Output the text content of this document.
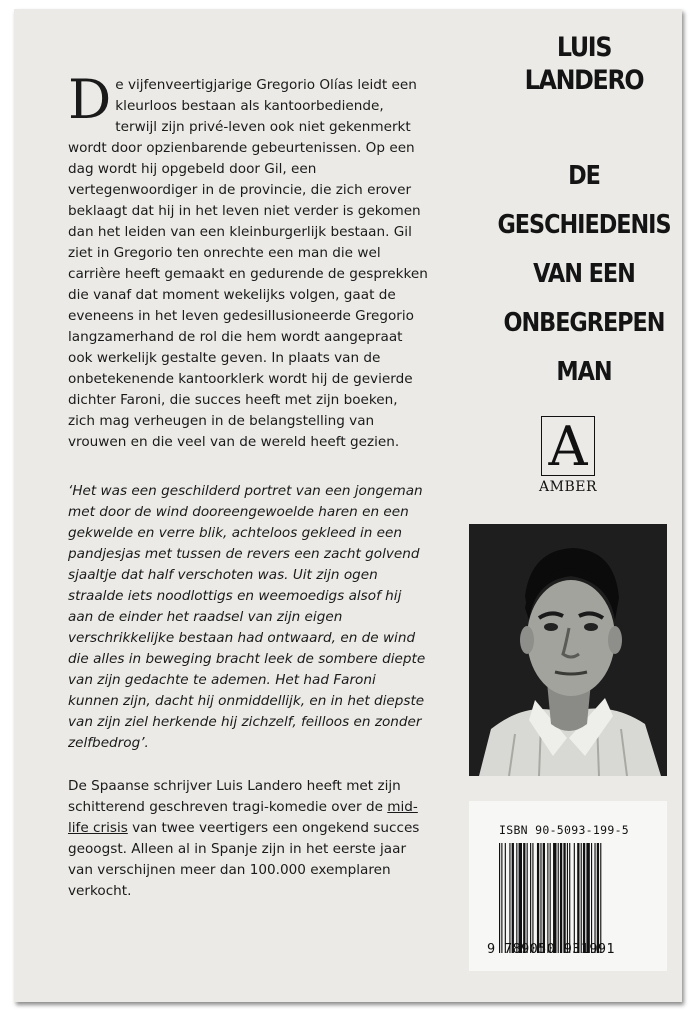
De vijfenveertigjarige Gregorio Olías leidt een kleurloos bestaan als kantoorbediende, terwijl zijn privé-leven ook niet gekenmerkt wordt door opzienbarende gebeurtenissen. Op een dag wordt hij opgebeld door Gil, een vertegenwoordiger in de provincie, die zich erover beklaagt dat hij in het leven niet verder is gekomen dan het leiden van een kleinburgerlijk bestaan. Gil ziet in Gregorio ten onrechte een man die wel carrière heeft gemaakt en gedurende de gesprekken die vanaf dat moment wekelijks volgen, gaat de eveneens in het leven gedesillusioneerde Gregorio langzamerhand de rol die hem wordt aangepraat ook werkelijk gestalte geven. In plaats van de onbetekenende kantoorklerk wordt hij de gevierde dichter Faroni, die succes heeft met zijn boeken, zich mag verheugen in de belangstelling van vrouwen en die veel van de wereld heeft gezien.

‘Het was een geschilderd portret van een jongeman met door de wind dooreengewoelde haren en een gekwelde en verre blik, achteloos gekleed in een pandjesjas met tussen de revers een zacht golvend sjaaltje dat half verschoten was. Uit zijn ogen straalde iets noodlottigs en weemoedigs alsof hij aan de einder het raadsel van zijn eigen verschrikkelijke bestaan had ontwaard, en de wind die alles in beweging bracht leek de sombere diepte van zijn gedachte te ademen. Het had Faroni kunnen zijn, dacht hij onmiddellijk, en in het diepste van zijn ziel herkende hij zichzelf, feilloos en zonder zelfbedrog’.

De Spaanse schrijver Luis Landero heeft met zijn schitterend geschreven tragi-komedie over de mid-life crisis van twee veertigers een ongekend succes geoogst. Alleen al in Spanje zijn in het eerste jaar van verschijnen meer dan 100.000 exemplaren verkocht.

LUIS LANDERO
DE
GESCHIEDENIS
VAN EEN
ONBEGREPEN
MAN
A
AMBER
ISBN 90-5093-199-5
9 789050 931991
